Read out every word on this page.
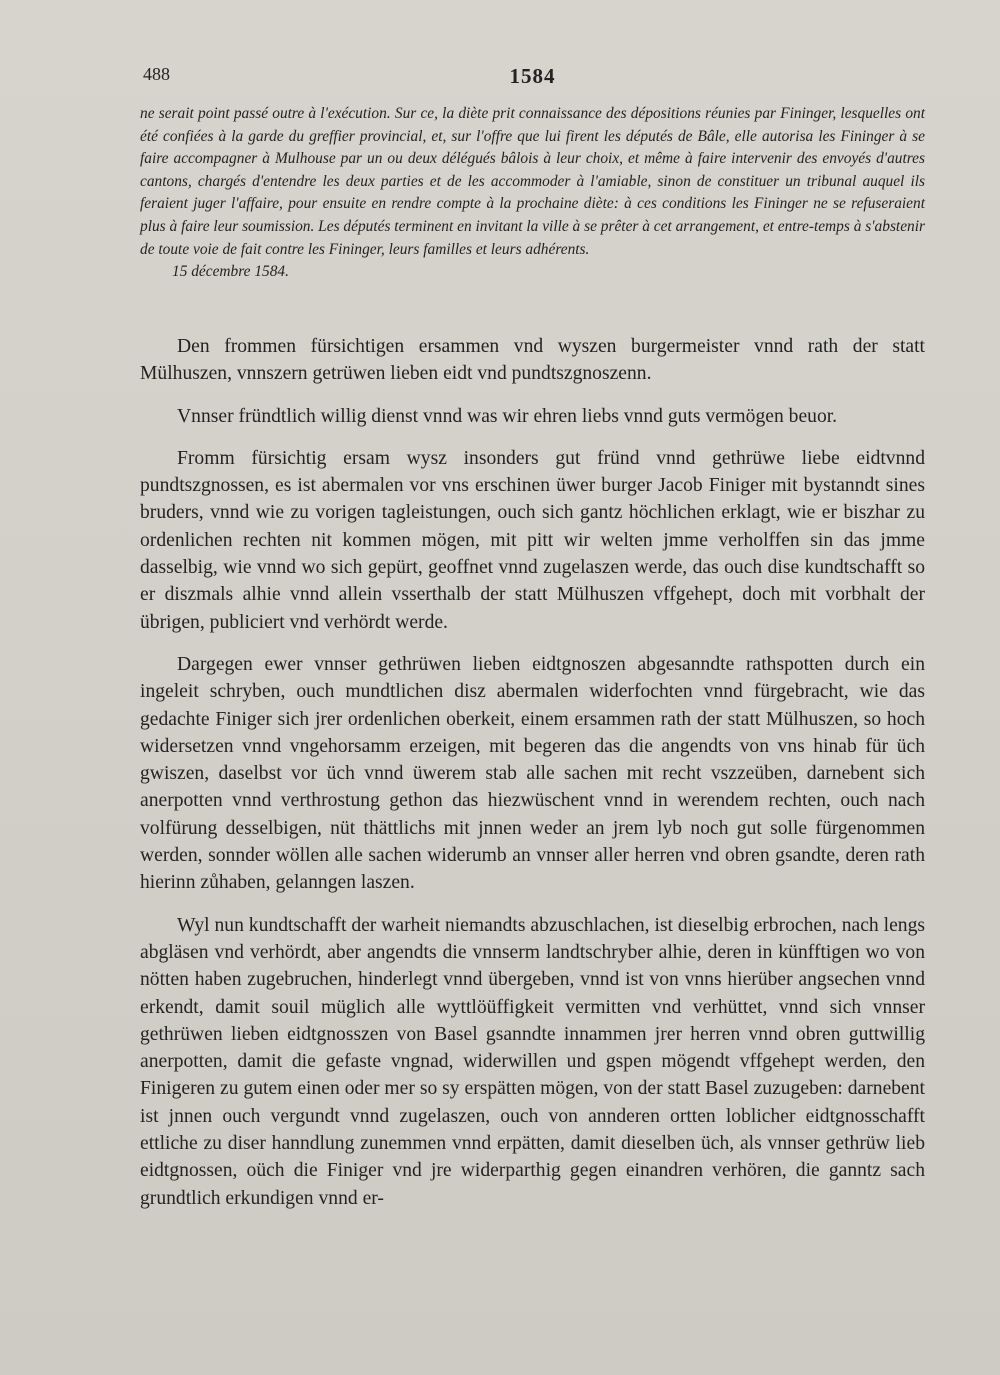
488	1584

ne serait point passé outre à l'exécution. Sur ce, la diète prit connaissance des dépositions réunies par Fininger, lesquelles ont été confiées à la garde du greffier provincial, et, sur l'offre que lui firent les députés de Bâle, elle autorisa les Fininger à se faire accompagner à Mulhouse par un ou deux délégués bâlois à leur choix, et même à faire intervenir des envoyés d'autres cantons, chargés d'entendre les deux parties et de les accommoder à l'amiable, sinon de constituer un tribunal auquel ils feraient juger l'affaire, pour ensuite en rendre compte à la prochaine diète: à ces conditions les Fininger ne se refuseraient plus à faire leur soumission. Les députés terminent en invitant la ville à se prêter à cet arrangement, et entre-temps à s'abstenir de toute voie de fait contre les Fininger, leurs familles et leurs adhérents.

15 décembre 1584.

Den frommen fürsichtigen ersammen vnd wyszen burgermeister vnnd rath der statt Mülhuszen, vnnszern getrüwen lieben eidt vnd pundtszgnoszenn.

Vnnser fründtlich willig dienst vnnd was wir ehren liebs vnnd guts vermögen beuor.

Fromm fürsichtig ersam wysz insonders gut fründ vnnd gethrüwe liebe eidtvnnd pundtszgnossen, es ist abermalen vor vns erschinen üwer burger Jacob Finiger mit bystanndt sines bruders, vnnd wie zu vorigen tagleistungen, ouch sich gantz höchlichen erklagt, wie er biszhar zu ordenlichen rechten nit kommen mögen, mit pitt wir welten jmme verholffen sin das jmme dasselbig, wie vnnd wo sich gepürt, geoffnet vnnd zugelaszen werde, das ouch dise kundtschafft so er diszmals alhie vnnd allein vsserthalb der statt Mülhuszen vffgehept, doch mit vorbhalt der übrigen, publiciert vnd verhördt werde.

Dargegen ewer vnnser gethrüwen lieben eidtgnoszen abgesanndte rathspotten durch ein ingeleit schryben, ouch mundtlichen disz abermalen widerfochten vnnd fürgebracht, wie das gedachte Finiger sich jrer ordenlichen oberkeit, einem ersammen rath der statt Mülhuszen, so hoch widersetzen vnnd vngehorsamm erzeigen, mit begeren das die angendts von vns hinab für üch gwiszen, daselbst vor üch vnnd üwerem stab alle sachen mit recht vszzeüben, darnebent sich anerpotten vnnd verthrostung gethon das hiezwüschent vnnd in werendem rechten, ouch nach volfürung desselbigen, nüt thättlichs mit jnnen weder an jrem lyb noch gut solle fürgenommen werden, sonnder wöllen alle sachen widerumb an vnnser aller herren vnd obren gsandte, deren rath hierinn zůhaben, gelanngen laszen.

Wyl nun kundtschafft der warheit niemandts abzuschlachen, ist dieselbig erbrochen, nach lengs abgläsen vnd verhördt, aber angendts die vnnserm landtschryber alhie, deren in künfftigen wo von nötten haben zugebruchen, hinderlegt vnnd übergeben, vnnd ist von vnns hierüber angsechen vnnd erkendt, damit souil müglich alle wyttlöüffigkeit vermitten vnd verhüttet, vnnd sich vnnser gethrüwen lieben eidtgnosszen von Basel gsanndte innammen jrer herren vnnd obren guttwillig anerpotten, damit die gefaste vngnad, widerwillen und gspen mögendt vffgehept werden, den Finigeren zu gutem einen oder mer so sy erspätten mögen, von der statt Basel zuzugeben: darnebent ist jnnen ouch vergundt vnnd zugelaszen, ouch von annderen ortten loblicher eidtgnosschafft ettliche zu diser hanndlung zunemmen vnnd erpätten, damit dieselben üch, als vnnser gethrüw lieb eidtgnossen, oüch die Finiger vnd jre widerparthig gegen einandren verhören, die ganntz sach grundtlich erkundigen vnnd er-
